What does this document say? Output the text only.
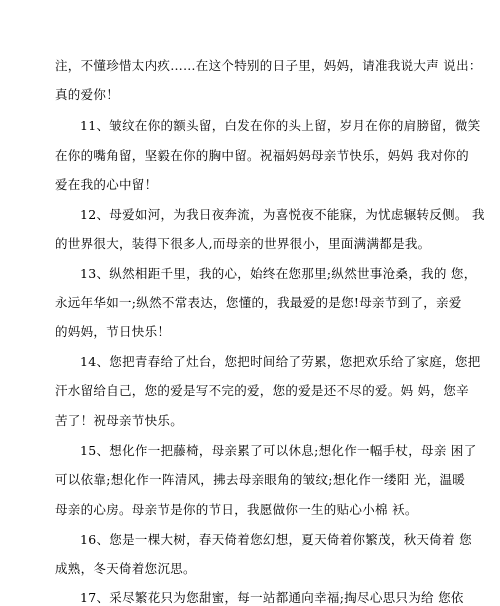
注，不懂珍惜太内疚……在这个特别的日子里，妈妈，请准我说大声 说出：
真的爱你！
11、皱纹在你的额头留，白发在你的头上留，岁月在你的肩膀留，微笑
在你的嘴角留，坚毅在你的胸中留。祝福妈妈母亲节快乐，妈妈 我对你的
爱在我的心中留！
12、母爱如河，为我日夜奔流，为喜悦夜不能寐，为忧虑辗转反侧。 我
的世界很大，装得下很多人,而母亲的世界很小，里面满满都是我。
13、纵然相距千里，我的心，始终在您那里;纵然世事沧桑，我的 您，
永远年华如一;纵然不常表达，您懂的，我最爱的是您!母亲节到了，亲爱
的妈妈，节日快乐！
14、您把青春给了灶台，您把时间给了劳累，您把欢乐给了家庭，您把
汗水留给自己，您的爱是写不完的爱，您的爱是还不尽的爱。妈 妈，您辛
苦了！祝母亲节快乐。
15、想化作一把藤椅，母亲累了可以休息;想化作一幅手杖，母亲 困了
可以依靠;想化作一阵清风，拂去母亲眼角的皱纹;想化作一缕阳 光，温暖
母亲的心房。母亲节是你的节日，我愿做你一生的贴心小棉 袄。
16、您是一棵大树，春天倚着您幻想，夏天倚着你繁茂，秋天倚着 您
成熟，冬天倚着您沉思。
17、采尽繁花只为您甜蜜，每一站都通向幸福;掏尽心思只为给 您依
